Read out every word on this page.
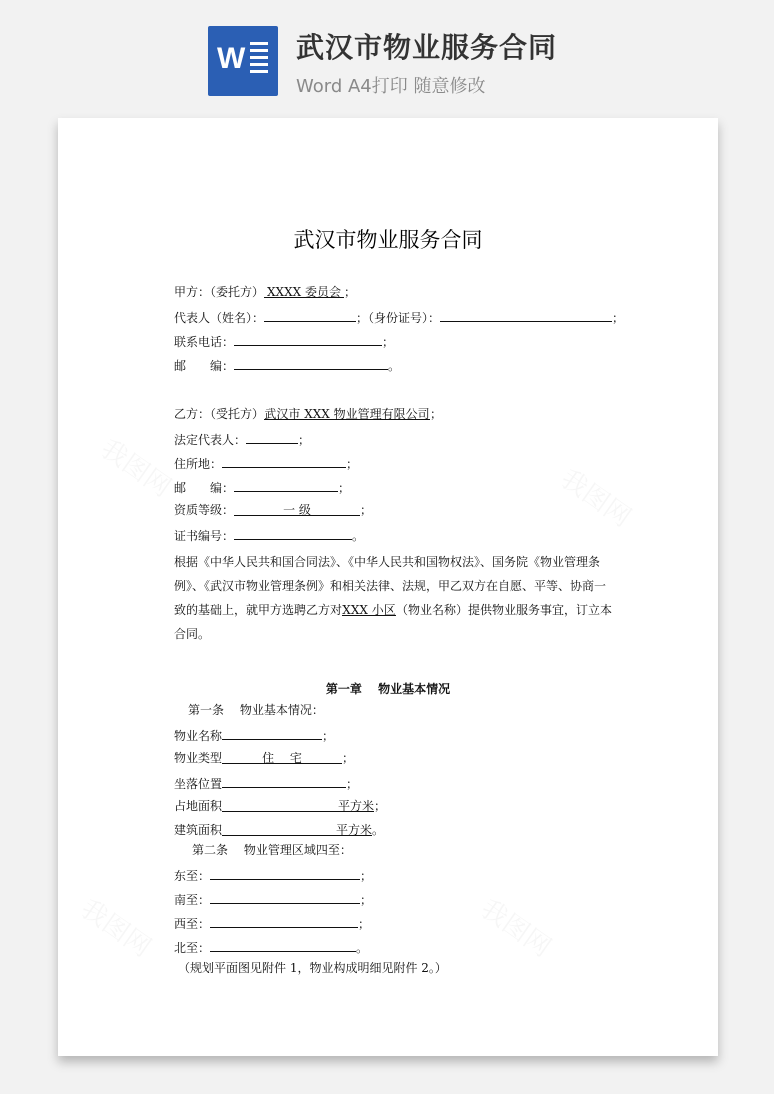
W 武汉市物业服务合同
Word A4打印 随意修改
武汉市物业服务合同
甲方：（委托方） XXXX 委员会 ；
代表人（姓名）：	；（身份证号）：	；
联系电话：	；
邮　　编：	。
乙方：（受托方）武汉市 XXX 物业管理有限公司；
法定代表人：	；
住所地：	；
邮　　编：	；
资质等级：	一 级	；
证书编号：	。
根据《中华人民共和国合同法》、《中华人民共和国物权法》、国务院《物业管理条
例》、《武汉市物业管理条例》和相关法律、法规，甲乙双方在自愿、平等、协商一
致的基础上，就甲方选聘乙方对XXX 小区（物业名称）提供物业服务事宜，订立本
合同。
第一章　 物业基本情况
第一条　 物业基本情况：
物业名称	；
物业类型	住　 宅	；
坐落位置	；
占地面积	平方米；
建筑面积	平方米。
第二条　 物业管理区域四至：
东至：	；
南至：	；
西至：	；
北至：	。
（规划平面图见附件 1，物业构成明细见附件 2。）
